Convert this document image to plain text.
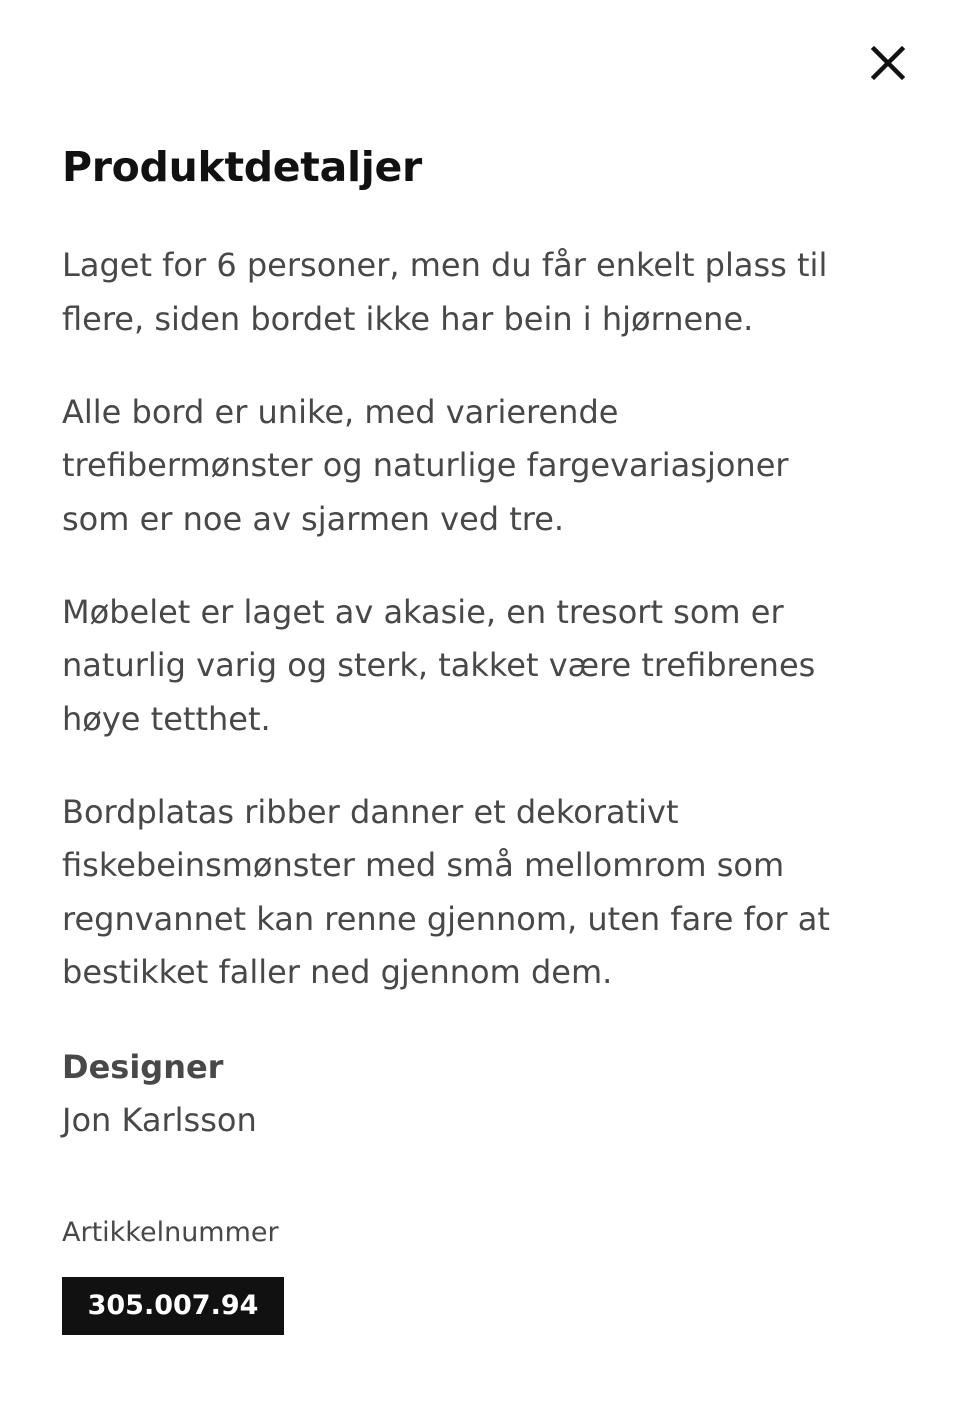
Produktdetaljer

Laget for 6 personer, men du får enkelt plass til
flere, siden bordet ikke har bein i hjørnene.

Alle bord er unike, med varierende
trefibermønster og naturlige fargevariasjoner
som er noe av sjarmen ved tre.

Møbelet er laget av akasie, en tresort som er
naturlig varig og sterk, takket være trefibrenes
høye tetthet.

Bordplatas ribber danner et dekorativt
fiskebeinsmønster med små mellomrom som
regnvannet kan renne gjennom, uten fare for at
bestikket faller ned gjennom dem.

Designer
Jon Karlsson
Artikkelnummer
305.007.94
